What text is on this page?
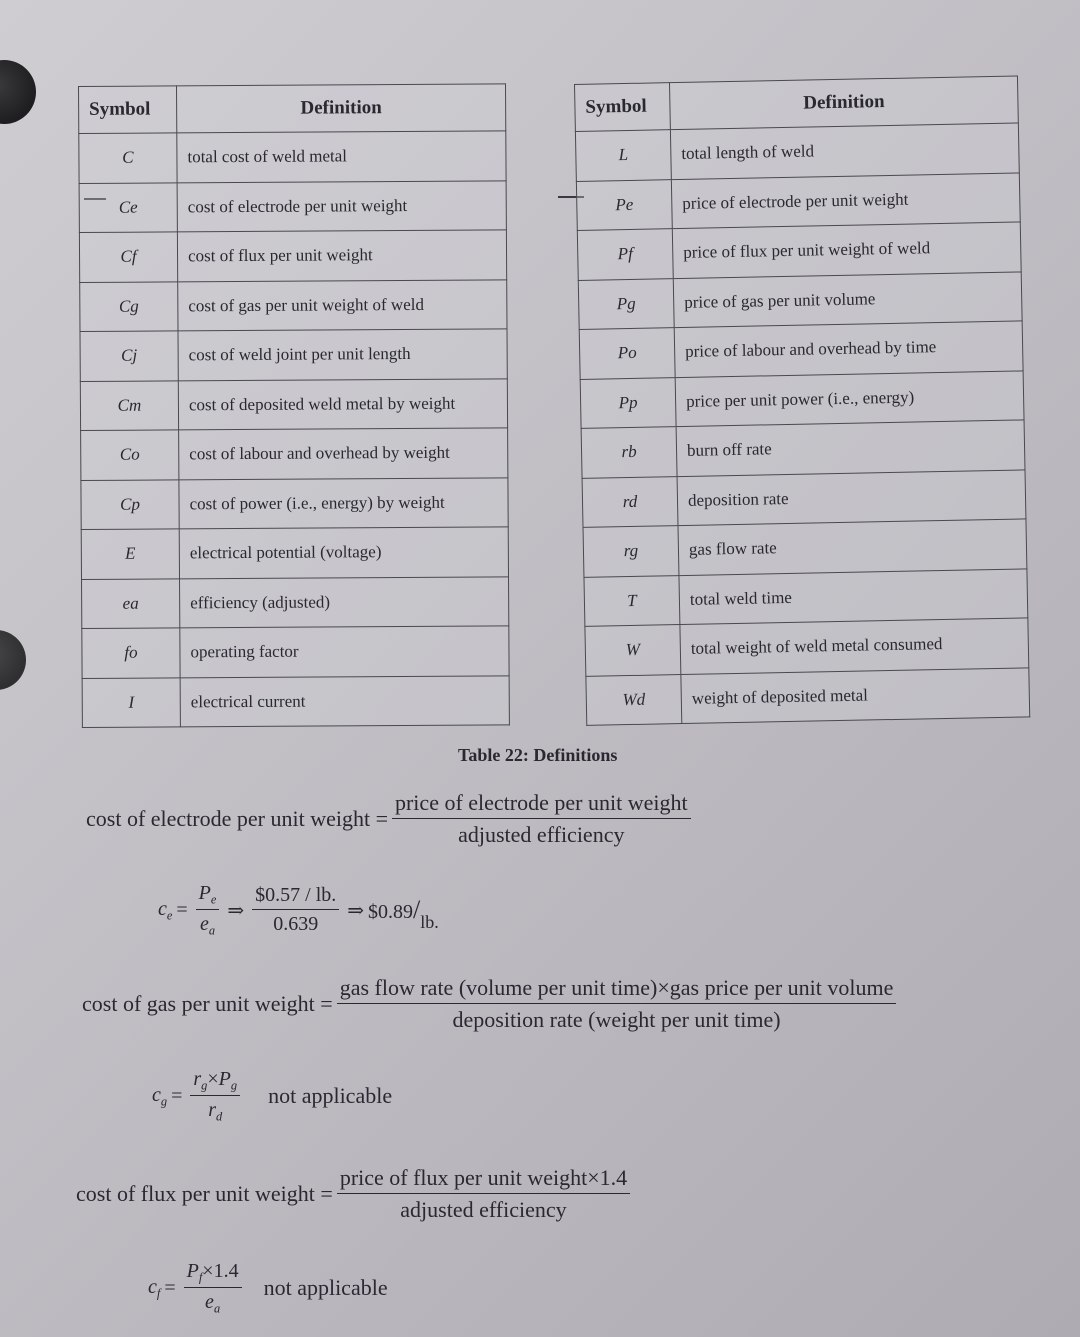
Symbol	Definition
C	total cost of weld metal
Ce	cost of electrode per unit weight
Cf	cost of flux per unit weight
Cg	cost of gas per unit weight of weld
Cj	cost of weld joint per unit length
Cm	cost of deposited weld metal by weight
Co	cost of labour and overhead by weight
Cp	cost of power (i.e., energy) by weight
E	electrical potential (voltage)
ea	efficiency (adjusted)
fo	operating factor
I	electrical current
Symbol	Definition
L	total length of weld
Pe	price of electrode per unit weight
Pf	price of flux per unit weight of weld
Pg	price of gas per unit volume
Po	price of labour and overhead by time
Pp	price per unit power (i.e., energy)
rb	burn off rate
rd	deposition rate
rg	gas flow rate
T	total weld time
W	total weight of weld metal consumed
Wd	weight of deposited metal
Table 22: Definitions
cost of electrode per unit weight = $\frac{\text{price of electrode per unit weight}}{\text{adjusted efficiency}}$
$c_e = \frac{P_e}{e_a}$ ⇒ $\frac{\$0.57 / lb.}{0.639}$ ⇒ $0.89/lb.
cost of gas per unit weight =
gas flow rate (volume per unit time)×gas price per unit volume
deposition rate (weight per unit time)
$c_g = \frac{r_g\times P_g}{r_d}$ not applicable
cost of flux per unit weight = $\frac{\text{price of flux per unit weight×1.4}}{\text{adjusted efficiency}}$
$c_f = \frac{P_f\times 1.4}{e_a}$ not applicable
